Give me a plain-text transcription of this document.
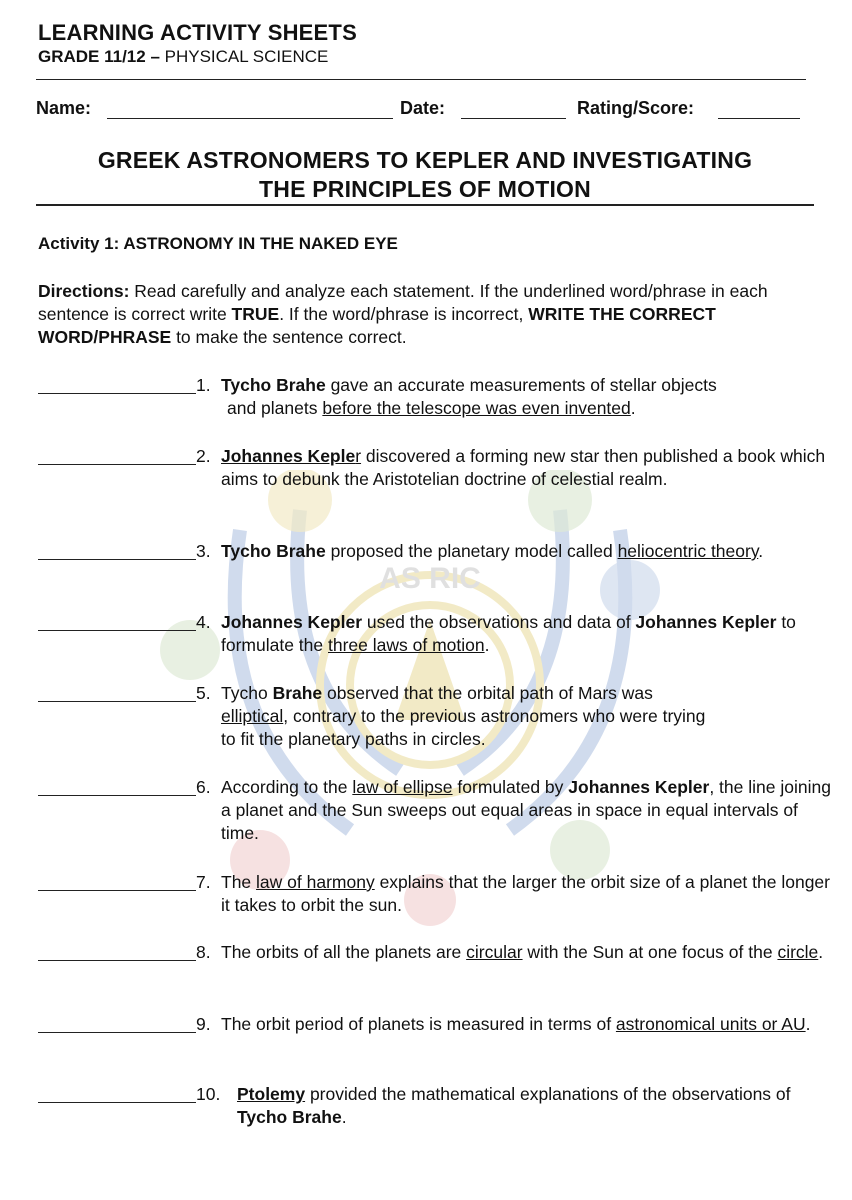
AS RIC
LEARNING ACTIVITY SHEETS
GRADE 11/12 – PHYSICAL SCIENCE
Name:	Date:	Rating/Score:
GREEK ASTRONOMERS TO KEPLER AND INVESTIGATING
THE PRINCIPLES OF MOTION
Activity 1: ASTRONOMY IN THE NAKED EYE
Directions: Read carefully and analyze each statement. If the underlined word/phrase in each sentence is correct write TRUE. If the word/phrase is incorrect, WRITE THE CORRECT WORD/PHRASE to make the sentence correct.
1. Tycho Brahe gave an accurate measurements of stellar objects

and planets before the telescope was even invented.
2. Johannes Kepler discovered a forming new star then published a book which aims to debunk the Aristotelian doctrine of celestial realm.
3. Tycho Brahe proposed the planetary model called heliocentric theory.
4. Johannes Kepler used the observations and data of Johannes Kepler to formulate the three laws of motion.
5. Tycho Brahe observed that the orbital path of Mars was
elliptical, contrary to the previous astronomers who were trying
to fit the planetary paths in circles.
6. According to the law of ellipse formulated by Johannes Kepler, the line joining a planet and the Sun sweeps out equal areas in space in equal intervals of time.
7. The law of harmony explains that the larger the orbit size of a planet the longer it takes to orbit the sun.
8. The orbits of all the planets are circular with the Sun at one focus of the circle.
9. The orbit period of planets is measured in terms of astronomical units or AU.
10. Ptolemy provided the mathematical explanations of the observations of Tycho Brahe.
